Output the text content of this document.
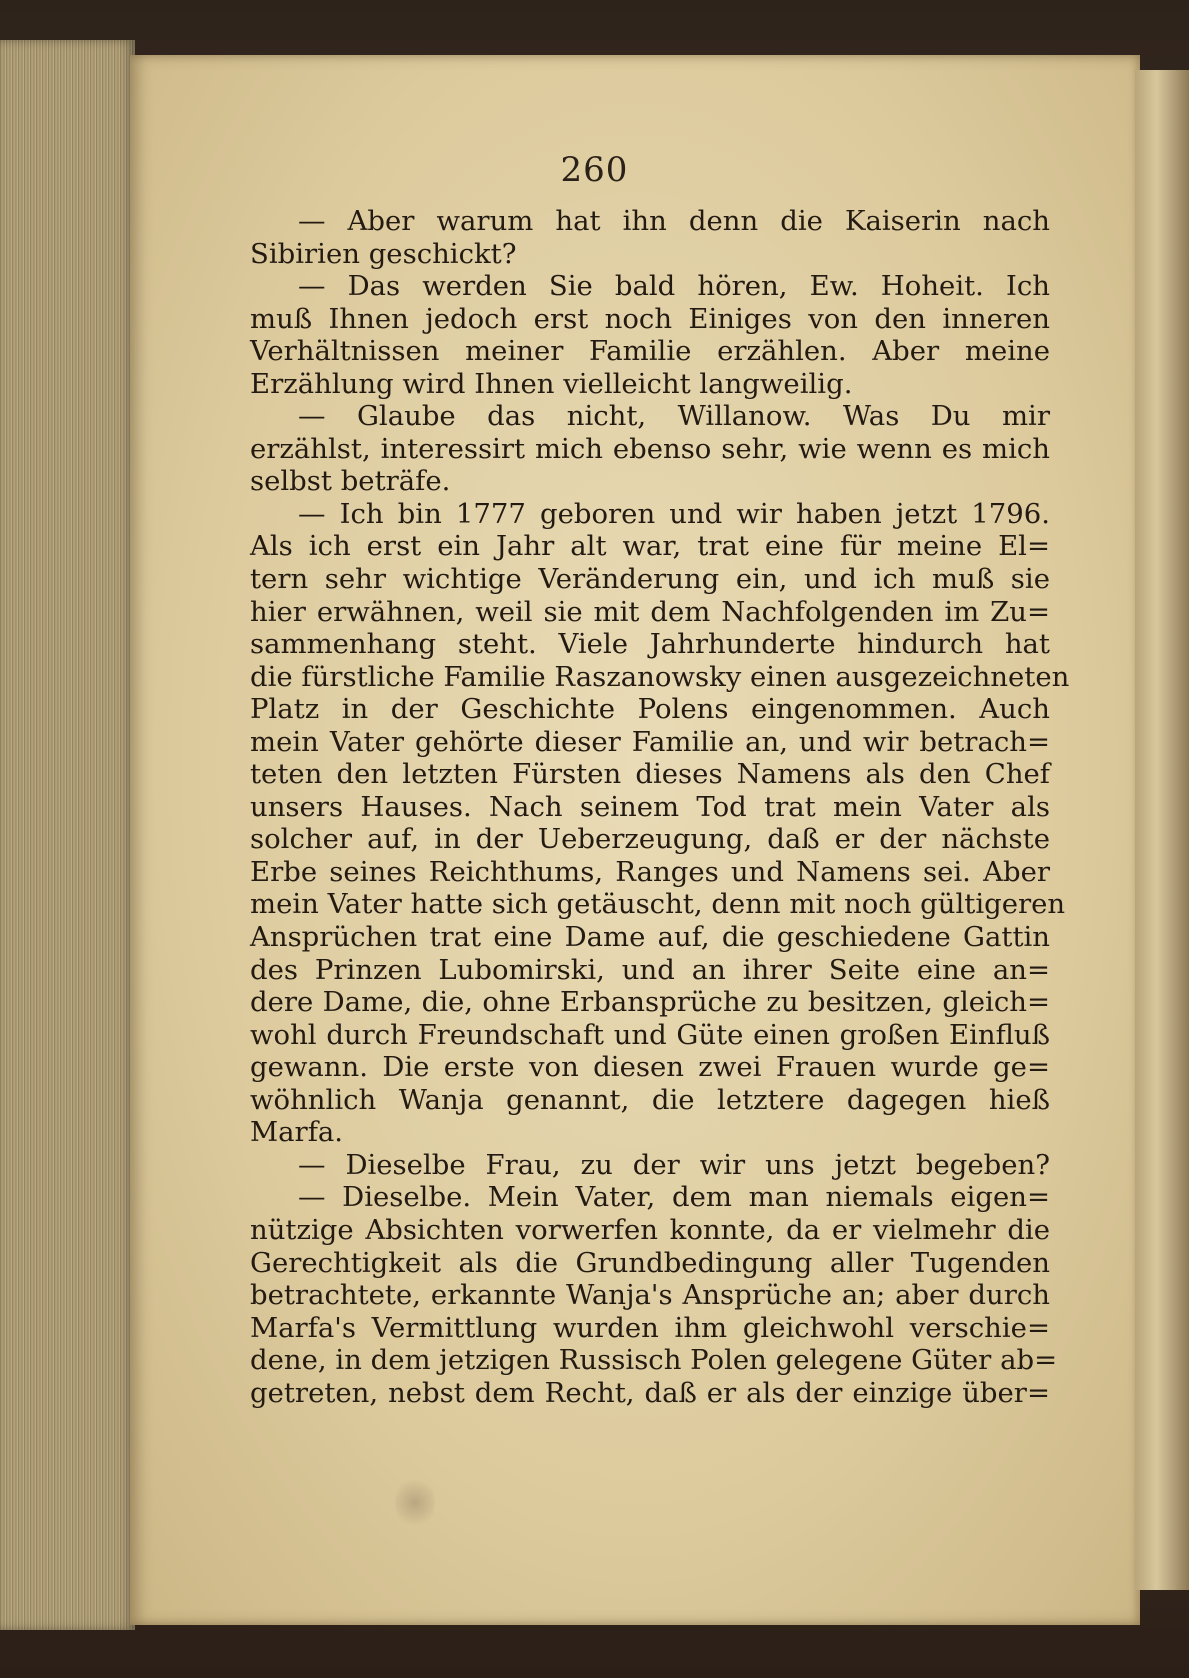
260
— Aber warum hat ihn denn die Kaiserin nach
Sibirien geschickt?
— Das werden Sie bald hören, Ew. Hoheit. Ich
muß Ihnen jedoch erst noch Einiges von den inneren
Verhältnissen meiner Familie erzählen. Aber meine
Erzählung wird Ihnen vielleicht langweilig.
— Glaube das nicht, Willanow. Was Du mir
erzählst, interessirt mich ebenso sehr, wie wenn es mich
selbst beträfe.
— Ich bin 1777 geboren und wir haben jetzt 1796.
Als ich erst ein Jahr alt war, trat eine für meine El=
tern sehr wichtige Veränderung ein, und ich muß sie
hier erwähnen, weil sie mit dem Nachfolgenden im Zu=
sammenhang steht. Viele Jahrhunderte hindurch hat
die fürstliche Familie Raszanowsky einen ausgezeichneten
Platz in der Geschichte Polens eingenommen. Auch
mein Vater gehörte dieser Familie an, und wir betrach=
teten den letzten Fürsten dieses Namens als den Chef
unsers Hauses. Nach seinem Tod trat mein Vater als
solcher auf, in der Ueberzeugung, daß er der nächste
Erbe seines Reichthums, Ranges und Namens sei. Aber
mein Vater hatte sich getäuscht, denn mit noch gültigeren
Ansprüchen trat eine Dame auf, die geschiedene Gattin
des Prinzen Lubomirski, und an ihrer Seite eine an=
dere Dame, die, ohne Erbansprüche zu besitzen, gleich=
wohl durch Freundschaft und Güte einen großen Einfluß
gewann. Die erste von diesen zwei Frauen wurde ge=
wöhnlich Wanja genannt, die letztere dagegen hieß
Marfa.
— Dieselbe Frau, zu der wir uns jetzt begeben?
— Dieselbe. Mein Vater, dem man niemals eigen=
nützige Absichten vorwerfen konnte, da er vielmehr die
Gerechtigkeit als die Grundbedingung aller Tugenden
betrachtete, erkannte Wanja's Ansprüche an; aber durch
Marfa's Vermittlung wurden ihm gleichwohl verschie=
dene, in dem jetzigen Russisch Polen gelegene Güter ab=
getreten, nebst dem Recht, daß er als der einzige über=
